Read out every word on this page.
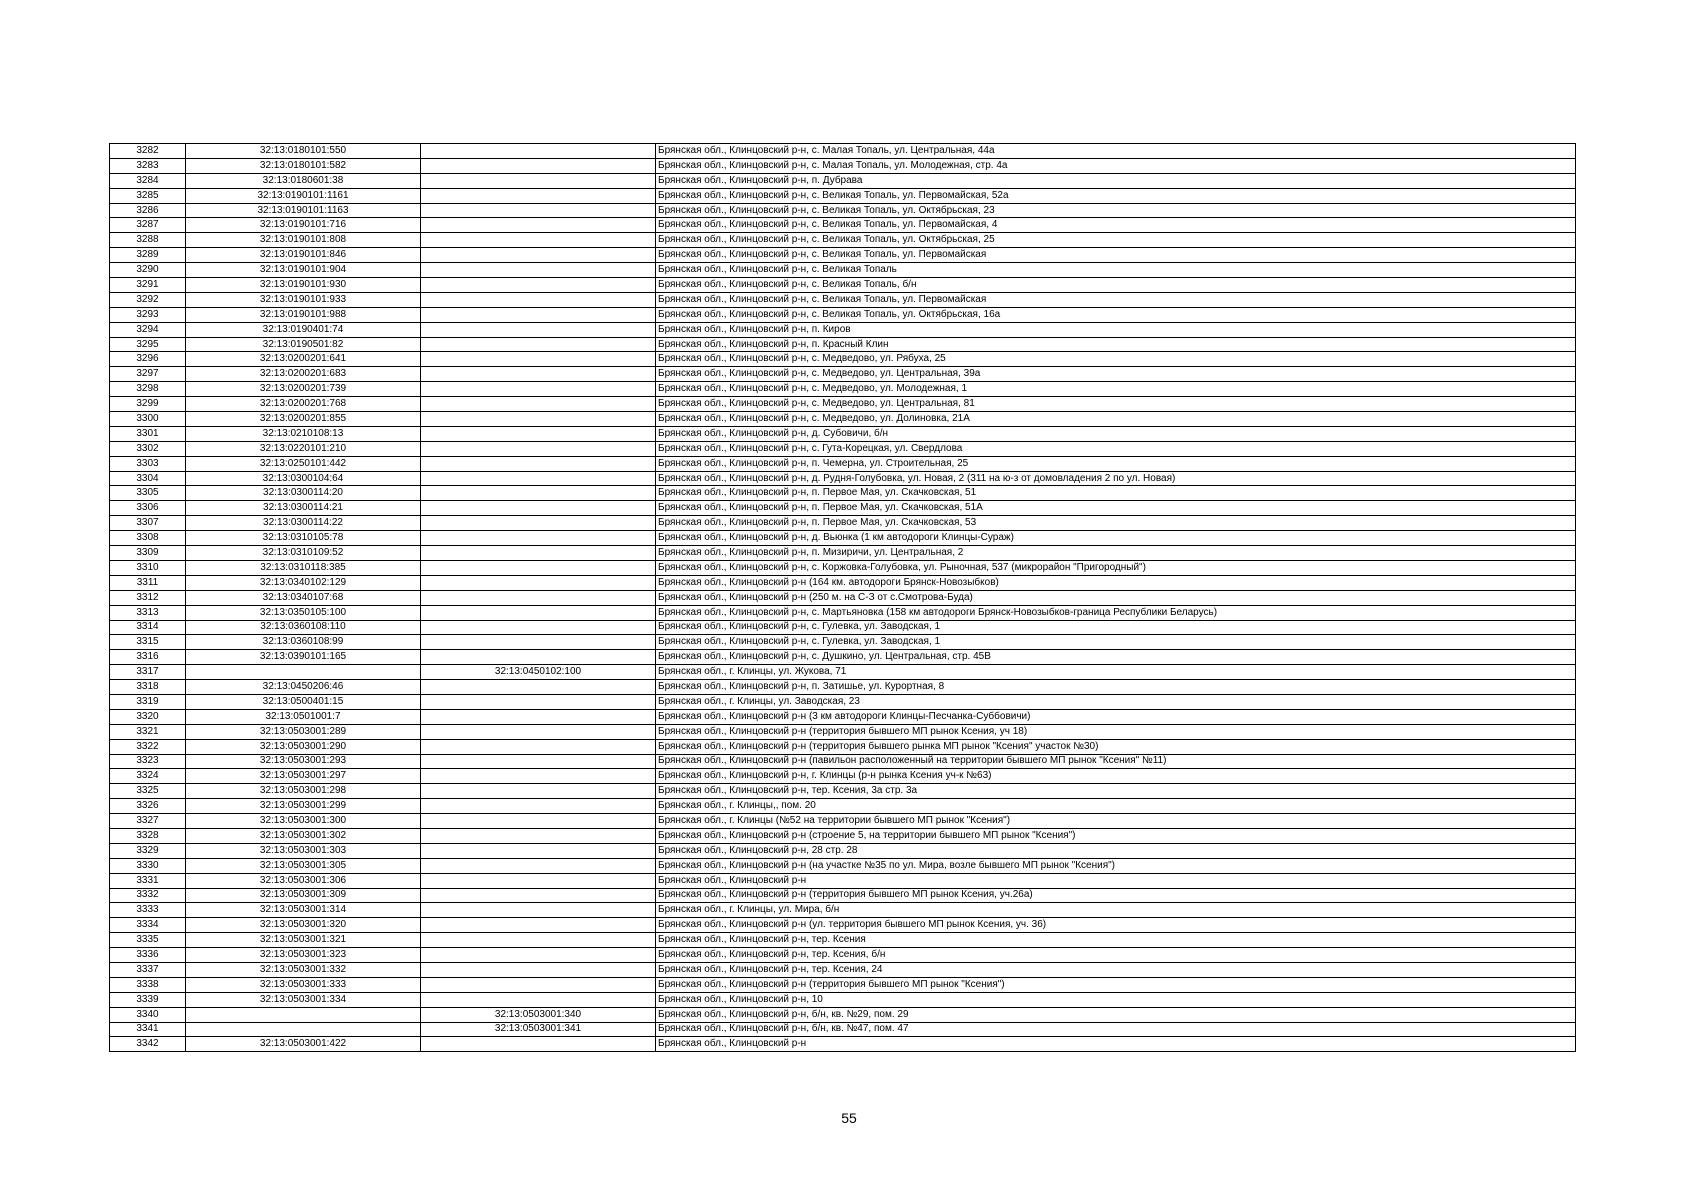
3282	32:13:0180101:550		Брянская обл., Клинцовский р-н, с. Малая Топаль, ул. Центральная, 44а
3283	32:13:0180101:582		Брянская обл., Клинцовский р-н, с. Малая Топаль, ул. Молодежная, стр. 4а
3284	32:13:0180601:38		Брянская обл., Клинцовский р-н, п. Дубрава
3285	32:13:0190101:1161		Брянская обл., Клинцовский р-н, с. Великая Топаль, ул. Первомайская, 52а
3286	32:13:0190101:1163		Брянская обл., Клинцовский р-н, с. Великая Топаль, ул. Октябрьская, 23
3287	32:13:0190101:716		Брянская обл., Клинцовский р-н, с. Великая Топаль, ул. Первомайская, 4
3288	32:13:0190101:808		Брянская обл., Клинцовский р-н, с. Великая Топаль, ул. Октябрьская, 25
3289	32:13:0190101:846		Брянская обл., Клинцовский р-н, с. Великая Топаль, ул. Первомайская
3290	32:13:0190101:904		Брянская обл., Клинцовский р-н, с. Великая Топаль
3291	32:13:0190101:930		Брянская обл., Клинцовский р-н, с. Великая Топаль, б/н
3292	32:13:0190101:933		Брянская обл., Клинцовский р-н, с. Великая Топаль, ул. Первомайская
3293	32:13:0190101:988		Брянская обл., Клинцовский р-н, с. Великая Топаль, ул. Октябрьская, 16а
3294	32:13:0190401:74		Брянская обл., Клинцовский р-н, п. Киров
3295	32:13:0190501:82		Брянская обл., Клинцовский р-н, п. Красный Клин
3296	32:13:0200201:641		Брянская обл., Клинцовский р-н, с. Медведово, ул. Рябуха, 25
3297	32:13:0200201:683		Брянская обл., Клинцовский р-н, с. Медведово, ул. Центральная, 39а
3298	32:13:0200201:739		Брянская обл., Клинцовский р-н, с. Медведово, ул. Молодежная, 1
3299	32:13:0200201:768		Брянская обл., Клинцовский р-н, с. Медведово, ул. Центральная, 81
3300	32:13:0200201:855		Брянская обл., Клинцовский р-н, с. Медведово, ул. Долиновка, 21А
3301	32:13:0210108:13		Брянская обл., Клинцовский р-н, д. Субовичи, б/н
3302	32:13:0220101:210		Брянская обл., Клинцовский р-н, с. Гута-Корецкая, ул. Свердлова
3303	32:13:0250101:442		Брянская обл., Клинцовский р-н, п. Чемерна, ул. Строительная, 25
3304	32:13:0300104:64		Брянская обл., Клинцовский р-н, д. Рудня-Голубовка, ул. Новая, 2 (311 на ю-з от домовладения 2 по ул. Новая)
3305	32:13:0300114:20		Брянская обл., Клинцовский р-н, п. Первое Мая, ул. Скачковская, 51
3306	32:13:0300114:21		Брянская обл., Клинцовский р-н, п. Первое Мая, ул. Скачковская, 51А
3307	32:13:0300114:22		Брянская обл., Клинцовский р-н, п. Первое Мая, ул. Скачковская, 53
3308	32:13:0310105:78		Брянская обл., Клинцовский р-н, д. Вьюнка (1 км автодороги Клинцы-Сураж)
3309	32:13:0310109:52		Брянская обл., Клинцовский р-н, п. Мизиричи, ул. Центральная, 2
3310	32:13:0310118:385		Брянская обл., Клинцовский р-н, с. Коржовка-Голубовка, ул. Рыночная, 537 (микрорайон "Пригородный")
3311	32:13:0340102:129		Брянская обл., Клинцовский р-н (164 км. автодороги Брянск-Новозыбков)
3312	32:13:0340107:68		Брянская обл., Клинцовский р-н (250 м. на С-З от с.Смотрова-Буда)
3313	32:13:0350105:100		Брянская обл., Клинцовский р-н, с. Мартьяновка (158 км автодороги Брянск-Новозыбков-граница Республики Беларусь)
3314	32:13:0360108:110		Брянская обл., Клинцовский р-н, с. Гулевка, ул. Заводская, 1
3315	32:13:0360108:99		Брянская обл., Клинцовский р-н, с. Гулевка, ул. Заводская, 1
3316	32:13:0390101:165		Брянская обл., Клинцовский р-н, с. Душкино, ул. Центральная, стр. 45В
3317		32:13:0450102:100	Брянская обл., г. Клинцы, ул. Жукова, 71
3318	32:13:0450206:46		Брянская обл., Клинцовский р-н, п. Затишье, ул. Курортная, 8
3319	32:13:0500401:15		Брянская обл., г. Клинцы, ул. Заводская, 23
3320	32:13:0501001:7		Брянская обл., Клинцовский р-н (3 км автодороги Клинцы-Песчанка-Суббовичи)
3321	32:13:0503001:289		Брянская обл., Клинцовский р-н (территория бывшего МП рынок Ксения, уч 18)
3322	32:13:0503001:290		Брянская обл., Клинцовский р-н (территория бывшего рынка МП рынок "Ксения" участок №30)
3323	32:13:0503001:293		Брянская обл., Клинцовский р-н (павильон расположенный на территории бывшего МП рынок "Ксения" №11)
3324	32:13:0503001:297		Брянская обл., Клинцовский р-н, г. Клинцы (р-н рынка Ксения уч-к №63)
3325	32:13:0503001:298		Брянская обл., Клинцовский р-н, тер. Ксения, 3а стр. 3а
3326	32:13:0503001:299		Брянская обл., г. Клинцы,, пом. 20
3327	32:13:0503001:300		Брянская обл., г. Клинцы (№52 на территории бывшего МП рынок "Ксения")
3328	32:13:0503001:302		Брянская обл., Клинцовский р-н (строение 5, на территории бывшего МП рынок "Ксения")
3329	32:13:0503001:303		Брянская обл., Клинцовский р-н, 28 стр. 28
3330	32:13:0503001:305		Брянская обл., Клинцовский р-н (на участке №35 по ул. Мира, возле бывшего МП рынок "Ксения")
3331	32:13:0503001:306		Брянская обл., Клинцовский р-н
3332	32:13:0503001:309		Брянская обл., Клинцовский р-н (территория бывшего МП рынок Ксения, уч.26а)
3333	32:13:0503001:314		Брянская обл., г. Клинцы, ул. Мира, б/н
3334	32:13:0503001:320		Брянская обл., Клинцовский р-н (ул. территория бывшего МП рынок Ксения, уч. 36)
3335	32:13:0503001:321		Брянская обл., Клинцовский р-н, тер. Ксения
3336	32:13:0503001:323		Брянская обл., Клинцовский р-н, тер. Ксения, б/н
3337	32:13:0503001:332		Брянская обл., Клинцовский р-н, тер. Ксения, 24
3338	32:13:0503001:333		Брянская обл., Клинцовский р-н (территория бывшего МП рынок "Ксения")
3339	32:13:0503001:334		Брянская обл., Клинцовский р-н, 10
3340		32:13:0503001:340	Брянская обл., Клинцовский р-н, б/н, кв. №29, пом. 29
3341		32:13:0503001:341	Брянская обл., Клинцовский р-н, б/н, кв. №47, пом. 47
3342	32:13:0503001:422		Брянская обл., Клинцовский р-н
55
